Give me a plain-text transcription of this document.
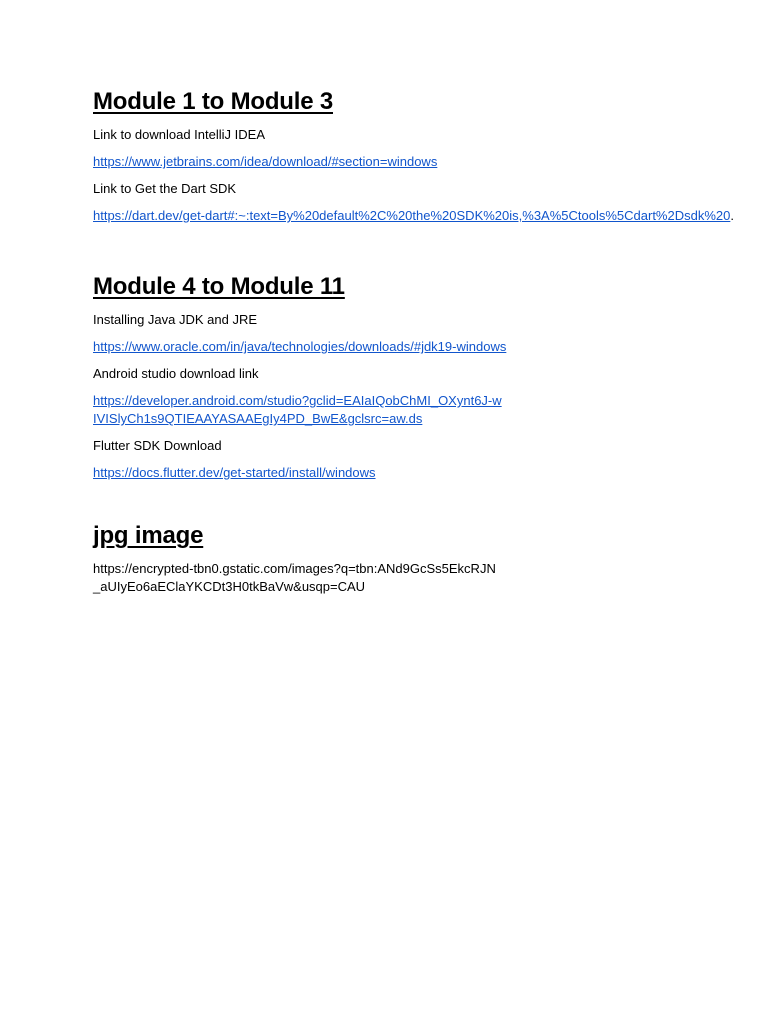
Module 1 to Module 3

Link to download IntelliJ IDEA

https://www.jetbrains.com/idea/download/#section=windows

Link to Get the Dart SDK

https://dart.dev/get-dart#:~:text=By%20default%2C%20the%20SDK%20is,%3A%5Ctools%5Cdart%2Dsdk%20.
Module 4 to Module 11

Installing Java JDK and JRE

https://www.oracle.com/in/java/technologies/downloads/#jdk19-windows

Android studio download link

https://developer.android.com/studio?gclid=EAIaIQobChMI_OXynt6J-wIVISlyCh1s9QTIEAAYASAAEgIy4PD_BwE&gclsrc=aw.ds

Flutter SDK Download

https://docs.flutter.dev/get-started/install/windows
jpg image

https://encrypted-tbn0.gstatic.com/images?q=tbn:ANd9GcSs5EkcRJN_aUIyEo6aEClaYKCDt3H0tkBaVw&usqp=CAU
